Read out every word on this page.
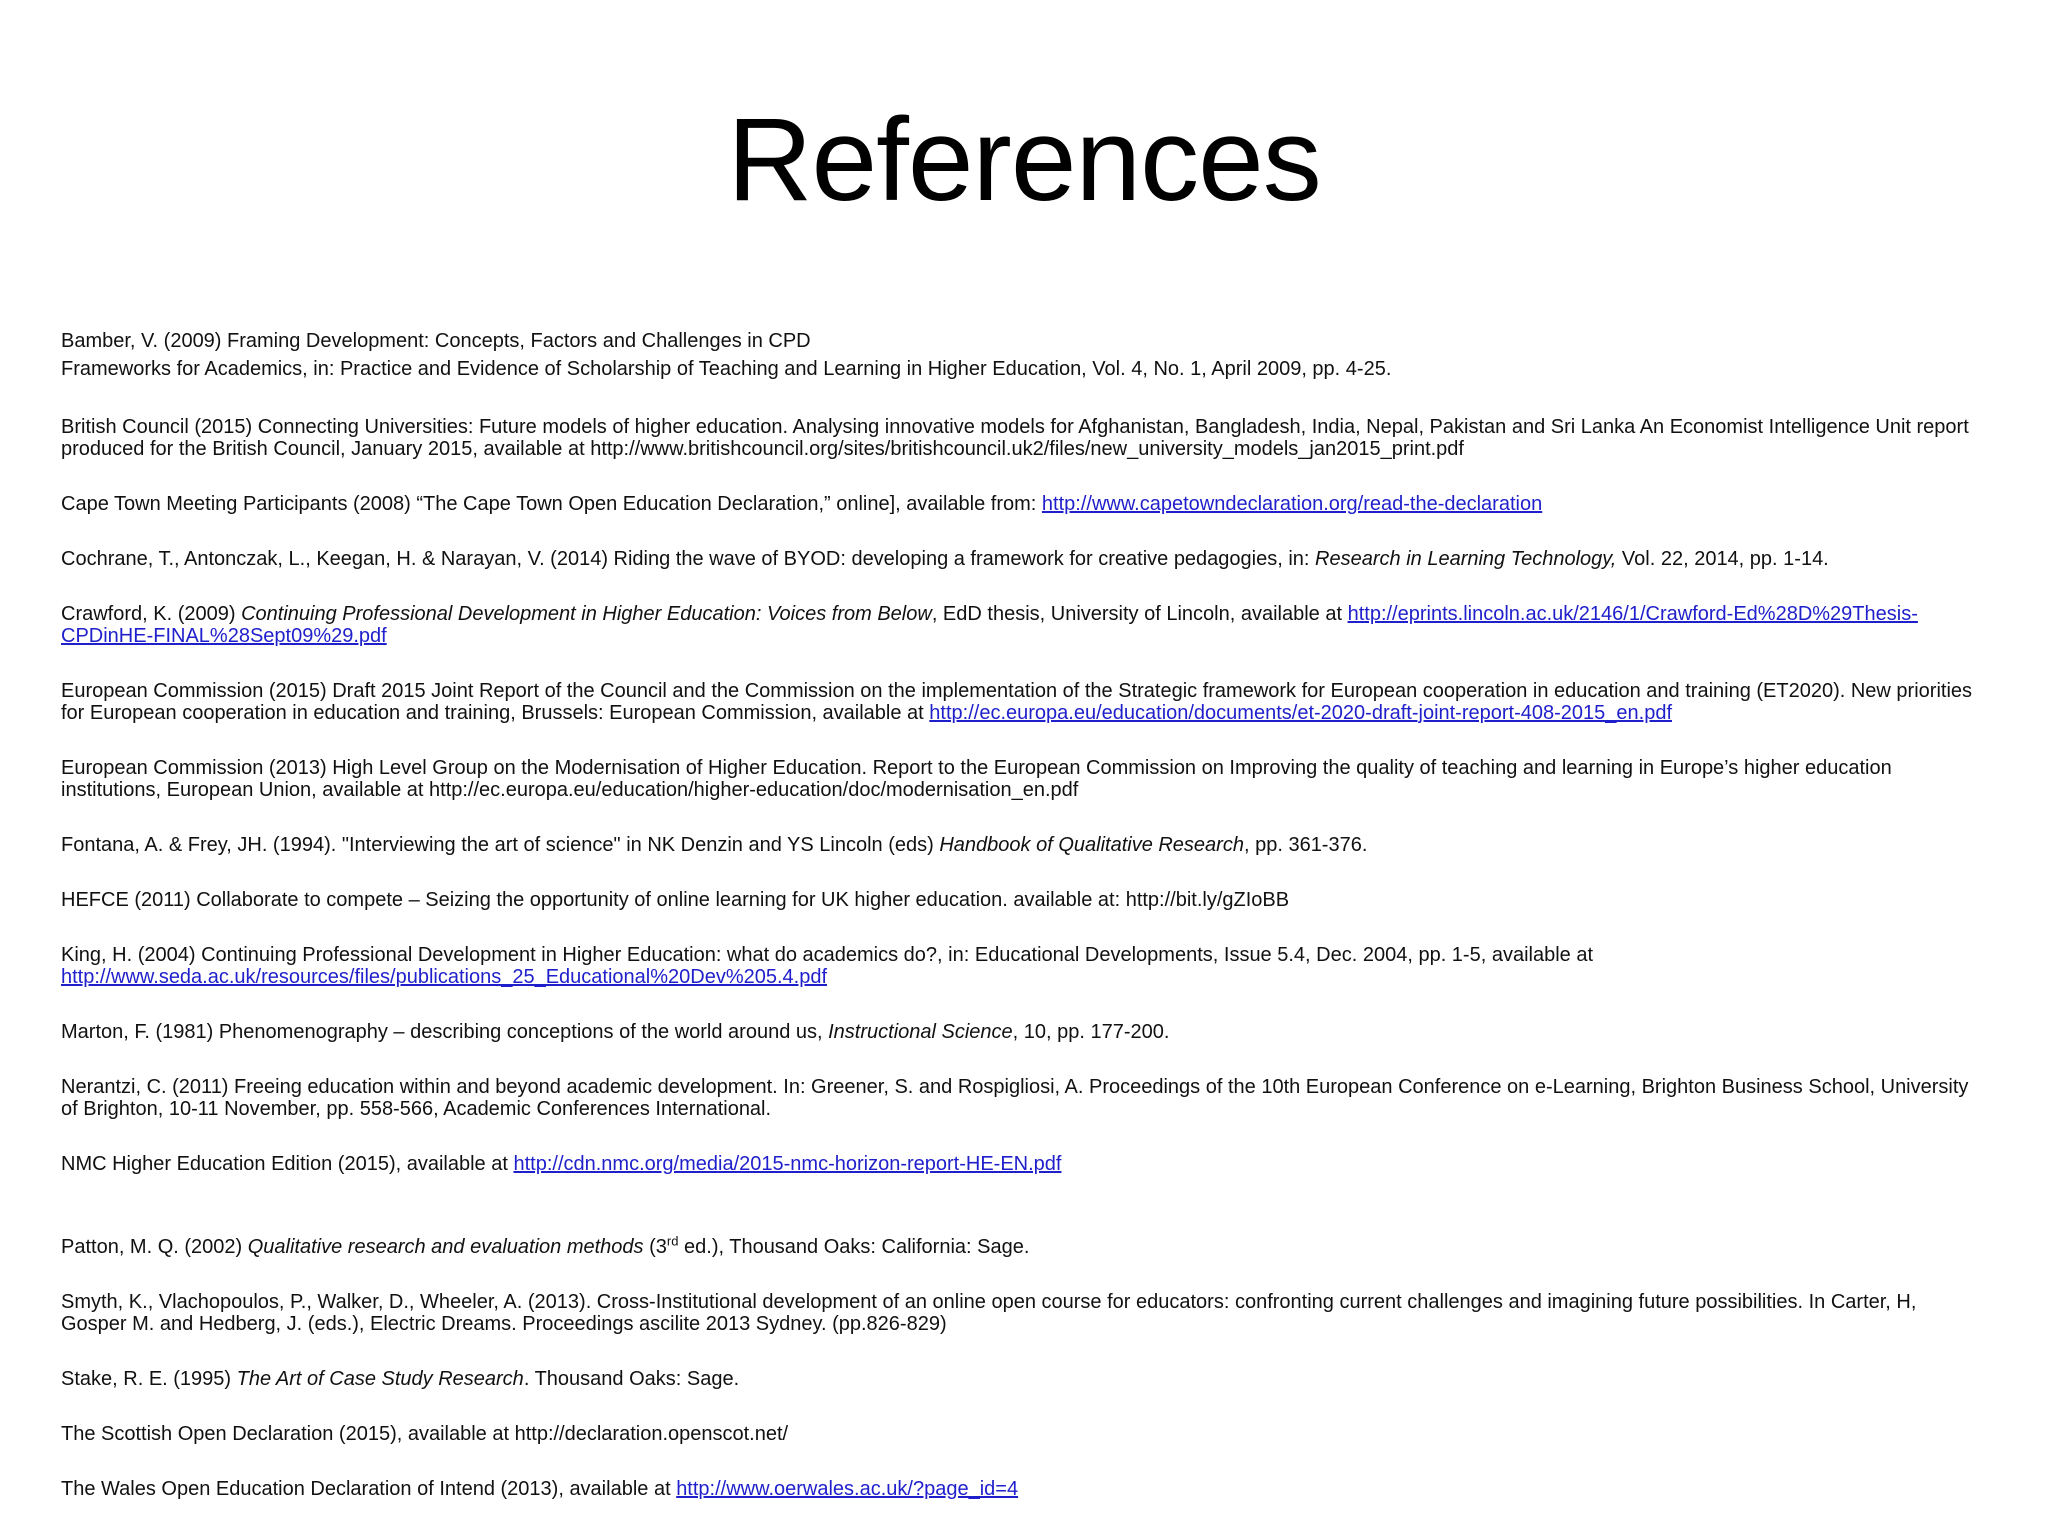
References
Bamber, V. (2009) Framing Development: Concepts, Factors and Challenges in CPD
Frameworks for Academics, in: Practice and Evidence of Scholarship of Teaching and Learning in Higher Education, Vol. 4, No. 1, April 2009, pp. 4-25.
British Council (2015) Connecting Universities: Future models of higher education. Analysing innovative models for Afghanistan, Bangladesh, India, Nepal, Pakistan and Sri Lanka An Economist Intelligence Unit report produced for the British Council, January 2015, available at http://www.britishcouncil.org/sites/britishcouncil.uk2/files/new_university_models_jan2015_print.pdf
Cape Town Meeting Participants (2008) “The Cape Town Open Education Declaration,” online], available from: http://www.capetowndeclaration.org/read-the-declaration
Cochrane, T., Antonczak, L., Keegan, H. & Narayan, V. (2014) Riding the wave of BYOD: developing a framework for creative pedagogies, in: Research in Learning Technology, Vol. 22, 2014, pp. 1-14.
Crawford, K. (2009) Continuing Professional Development in Higher Education: Voices from Below, EdD thesis, University of Lincoln, available at http://eprints.lincoln.ac.uk/2146/1/Crawford-Ed%28D%29Thesis-CPDinHE-FINAL%28Sept09%29.pdf
European Commission (2015) Draft 2015 Joint Report of the Council and the Commission on the implementation of the Strategic framework for European cooperation in education and training (ET2020). New priorities for European cooperation in education and training, Brussels: European Commission, available at http://ec.europa.eu/education/documents/et-2020-draft-joint-report-408-2015_en.pdf
European Commission (2013) High Level Group on the Modernisation of Higher Education. Report to the European Commission on Improving the quality of teaching and learning in Europe’s higher education institutions, European Union, available at http://ec.europa.eu/education/higher-education/doc/modernisation_en.pdf
Fontana, A. & Frey, JH. (1994). "Interviewing the art of science" in NK Denzin and YS Lincoln (eds) Handbook of Qualitative Research, pp. 361-376.
HEFCE (2011) Collaborate to compete – Seizing the opportunity of online learning for UK higher education. available at: http://bit.ly/gZIoBB
King, H. (2004) Continuing Professional Development in Higher Education: what do academics do?, in: Educational Developments, Issue 5.4, Dec. 2004, pp. 1-5, available at
http://www.seda.ac.uk/resources/files/publications_25_Educational%20Dev%205.4.pdf
Marton, F. (1981) Phenomenography – describing conceptions of the world around us, Instructional Science, 10, pp. 177-200.
Nerantzi, C. (2011) Freeing education within and beyond academic development. In: Greener, S. and Rospigliosi, A. Proceedings of the 10th European Conference on e-Learning, Brighton Business School, University of Brighton, 10-11 November, pp. 558-566, Academic Conferences International.
NMC Higher Education Edition (2015), available at http://cdn.nmc.org/media/2015-nmc-horizon-report-HE-EN.pdf
Patton, M. Q. (2002) Qualitative research and evaluation methods (3rd ed.), Thousand Oaks: California: Sage.
Smyth, K., Vlachopoulos, P., Walker, D., Wheeler, A. (2013). Cross-Institutional development of an online open course for educators: confronting current challenges and imagining future possibilities. In Carter, H, Gosper M. and Hedberg, J. (eds.), Electric Dreams. Proceedings ascilite 2013 Sydney. (pp.826-829)
Stake, R. E. (1995) The Art of Case Study Research. Thousand Oaks: Sage.
The Scottish Open Declaration (2015), available at http://declaration.openscot.net/
The Wales Open Education Declaration of Intend (2013), available at http://www.oerwales.ac.uk/?page_id=4
